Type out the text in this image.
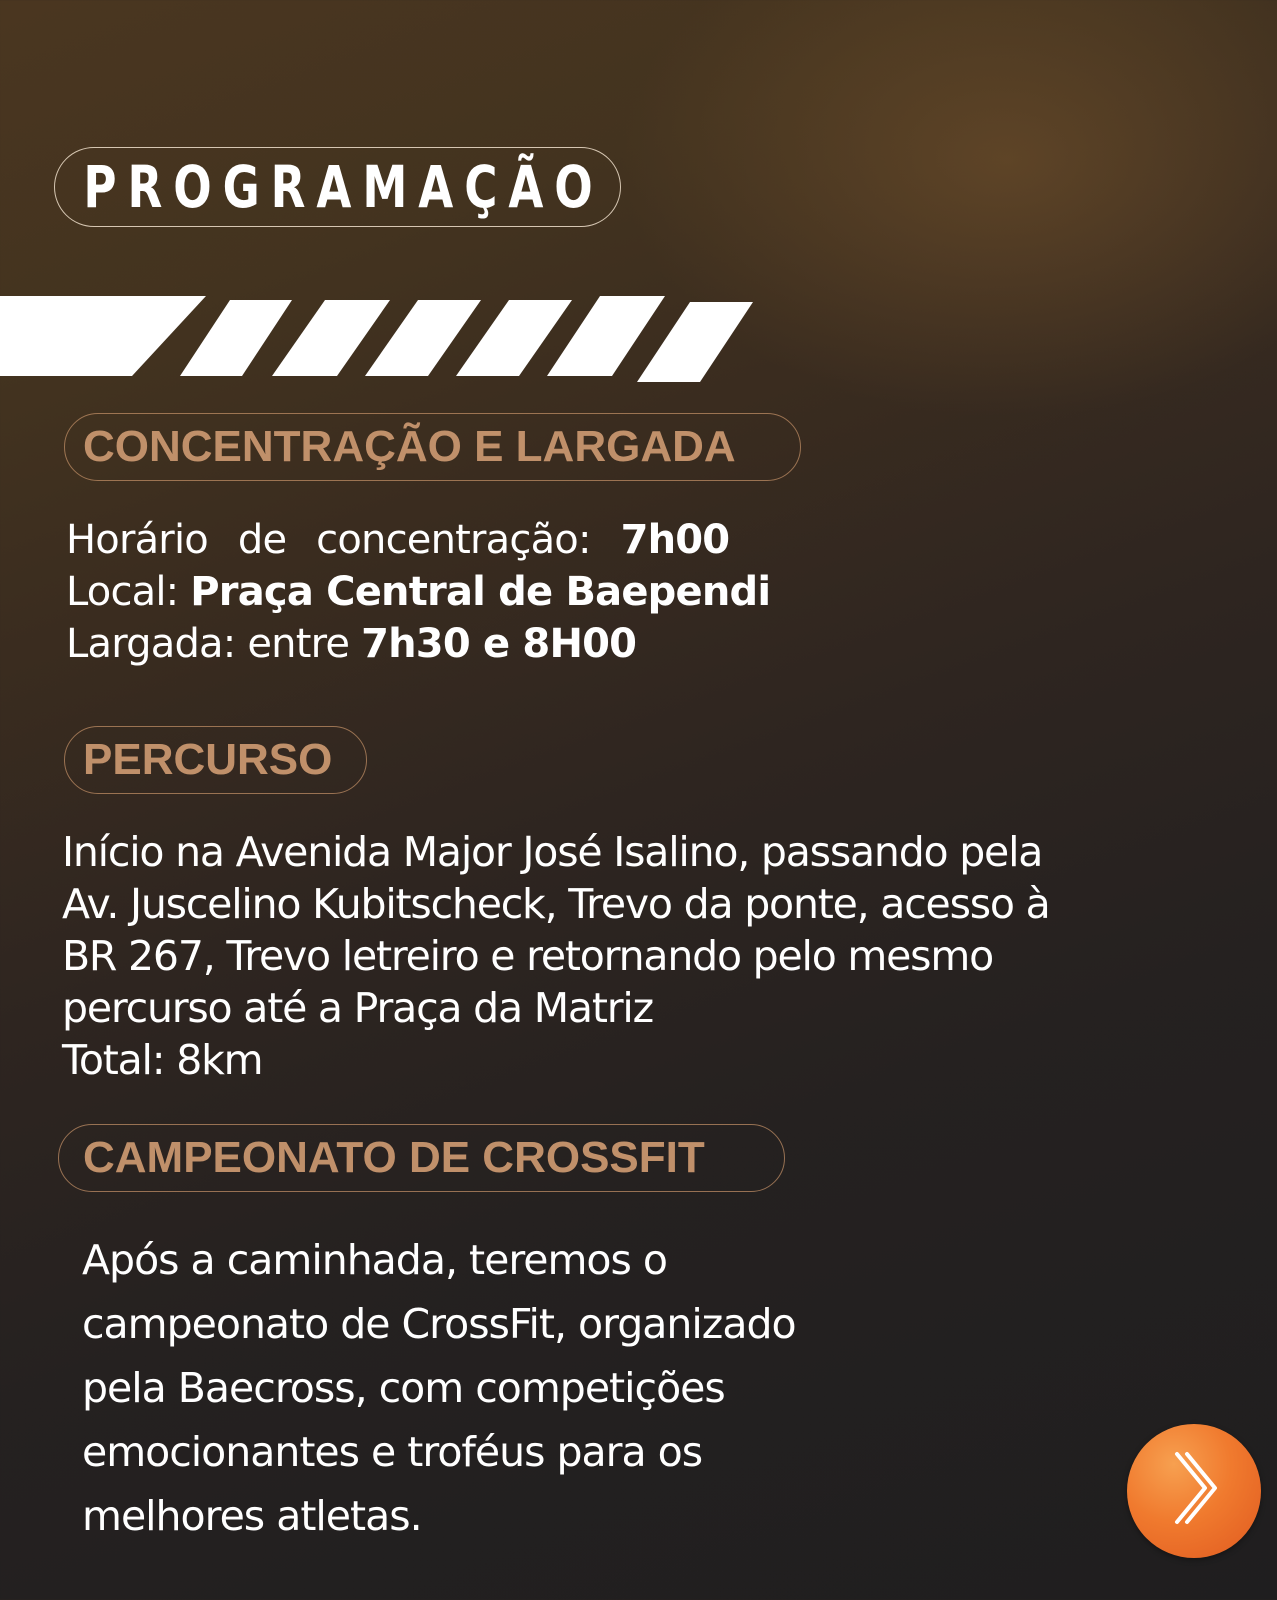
PROGRAMAÇÃO
CONCENTRAÇÃO E LARGADA
Horário de concentração: 7h00
Local: Praça Central de Baependi
Largada: entre 7h30 e 8H00
PERCURSO
Início na Avenida Major José Isalino, passando pela
Av. Juscelino Kubitscheck, Trevo da ponte, acesso à
BR 267, Trevo letreiro e retornando pelo mesmo
percurso até a Praça da Matriz
Total: 8km
CAMPEONATO DE CROSSFIT
Após a caminhada, teremos o
campeonato de CrossFit, organizado
pela Baecross, com competições
emocionantes e troféus para os
melhores atletas.
